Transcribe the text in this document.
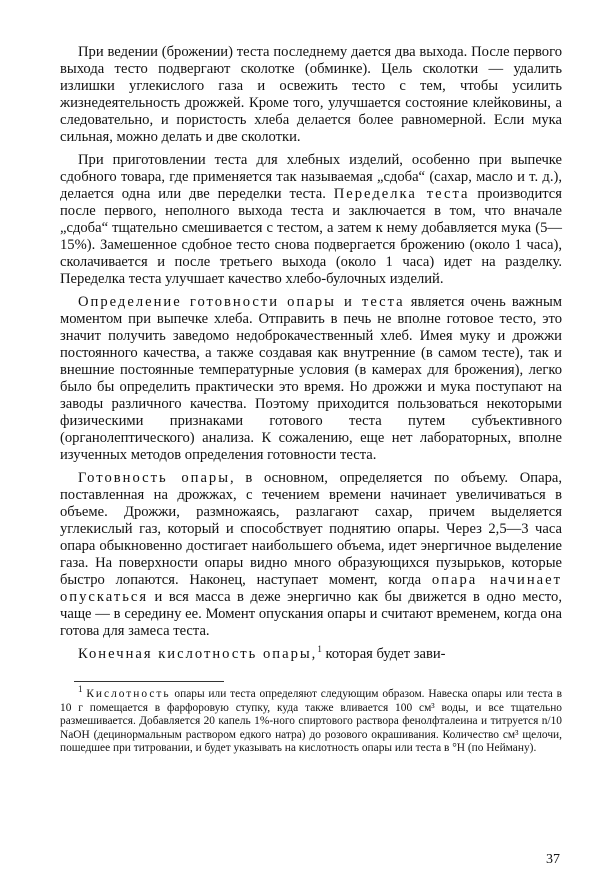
При ведении (брожении) теста последнему дается два выхода. После первого выхода тесто подвергают сколотке (обминке). Цель сколотки — удалить излишки углекислого газа и освежить тесто с тем, чтобы усилить жизнедеятельность дрожжей. Кроме того, улучшается состояние клейковины, а следовательно, и пористость хлеба делается более равномерной. Если мука сильная, можно делать и две сколотки.

При приготовлении теста для хлебных изделий, особенно при выпечке сдобного товара, где применяется так называемая „сдоба“ (сахар, масло и т. д.), делается одна или две переделки теста. Переделка теста производится после первого, неполного выхода теста и заключается в том, что вначале „сдоба“ тщательно смешивается с тестом, а затем к нему добавляется мука (5—15%). Замешенное сдобное тесто снова подвергается брожению (около 1 часа), сколачивается и после третьего выхода (около 1 часа) идет на разделку. Переделка теста улучшает качество хлебо-булочных изделий.

Определение готовности опары и теста является очень важным моментом при выпечке хлеба. Отправить в печь не вполне готовое тесто, это значит получить заведомо недоброкачественный хлеб. Имея муку и дрожжи постоянного качества, а также создавая как внутренние (в самом тесте), так и внешние постоянные температурные условия (в камерах для брожения), легко было бы определить практически это время. Но дрожжи и мука поступают на заводы различного качества. Поэтому приходится пользоваться некоторыми физическими признаками готового теста путем субъективного (органолептического) анализа. К сожалению, еще нет лабораторных, вполне изученных методов определения готовности теста.

Готовность опары, в основном, определяется по объему. Опара, поставленная на дрожжах, с течением времени начинает увеличиваться в объеме. Дрожжи, размножаясь, разлагают сахар, причем выделяется углекислый газ, который и способствует поднятию опары. Через 2,5—3 часа опара обыкновенно достигает наибольшего объема, идет энергичное выделение газа. На поверхности опары видно много образующихся пузырьков, которые быстро лопаются. Наконец, наступает момент, когда опара начинает опускаться и вся масса в деже энергично как бы движется в одно место, чаще — в середину ее. Момент опускания опары и считают временем, когда она готова для замеса теста.

Конечная кислотность опары,$^1$ которая будет зави-

$^1$ Кислотность опары или теста определяют следующим образом. Навеска опары или теста в 10 г помещается в фарфоровую ступку, куда также вливается 100 см³ воды, и все тщательно размешивается. Добавляется 20 капель 1%-ного спиртового раствора фенолфталеина и титруется n/10 NaOH (децинормальным раствором едкого натра) до розового окрашивания. Количество см³ щелочи, пошедшее при титровании, и будет указывать на кислотность опары или теста в °Н (по Нейману).

37
